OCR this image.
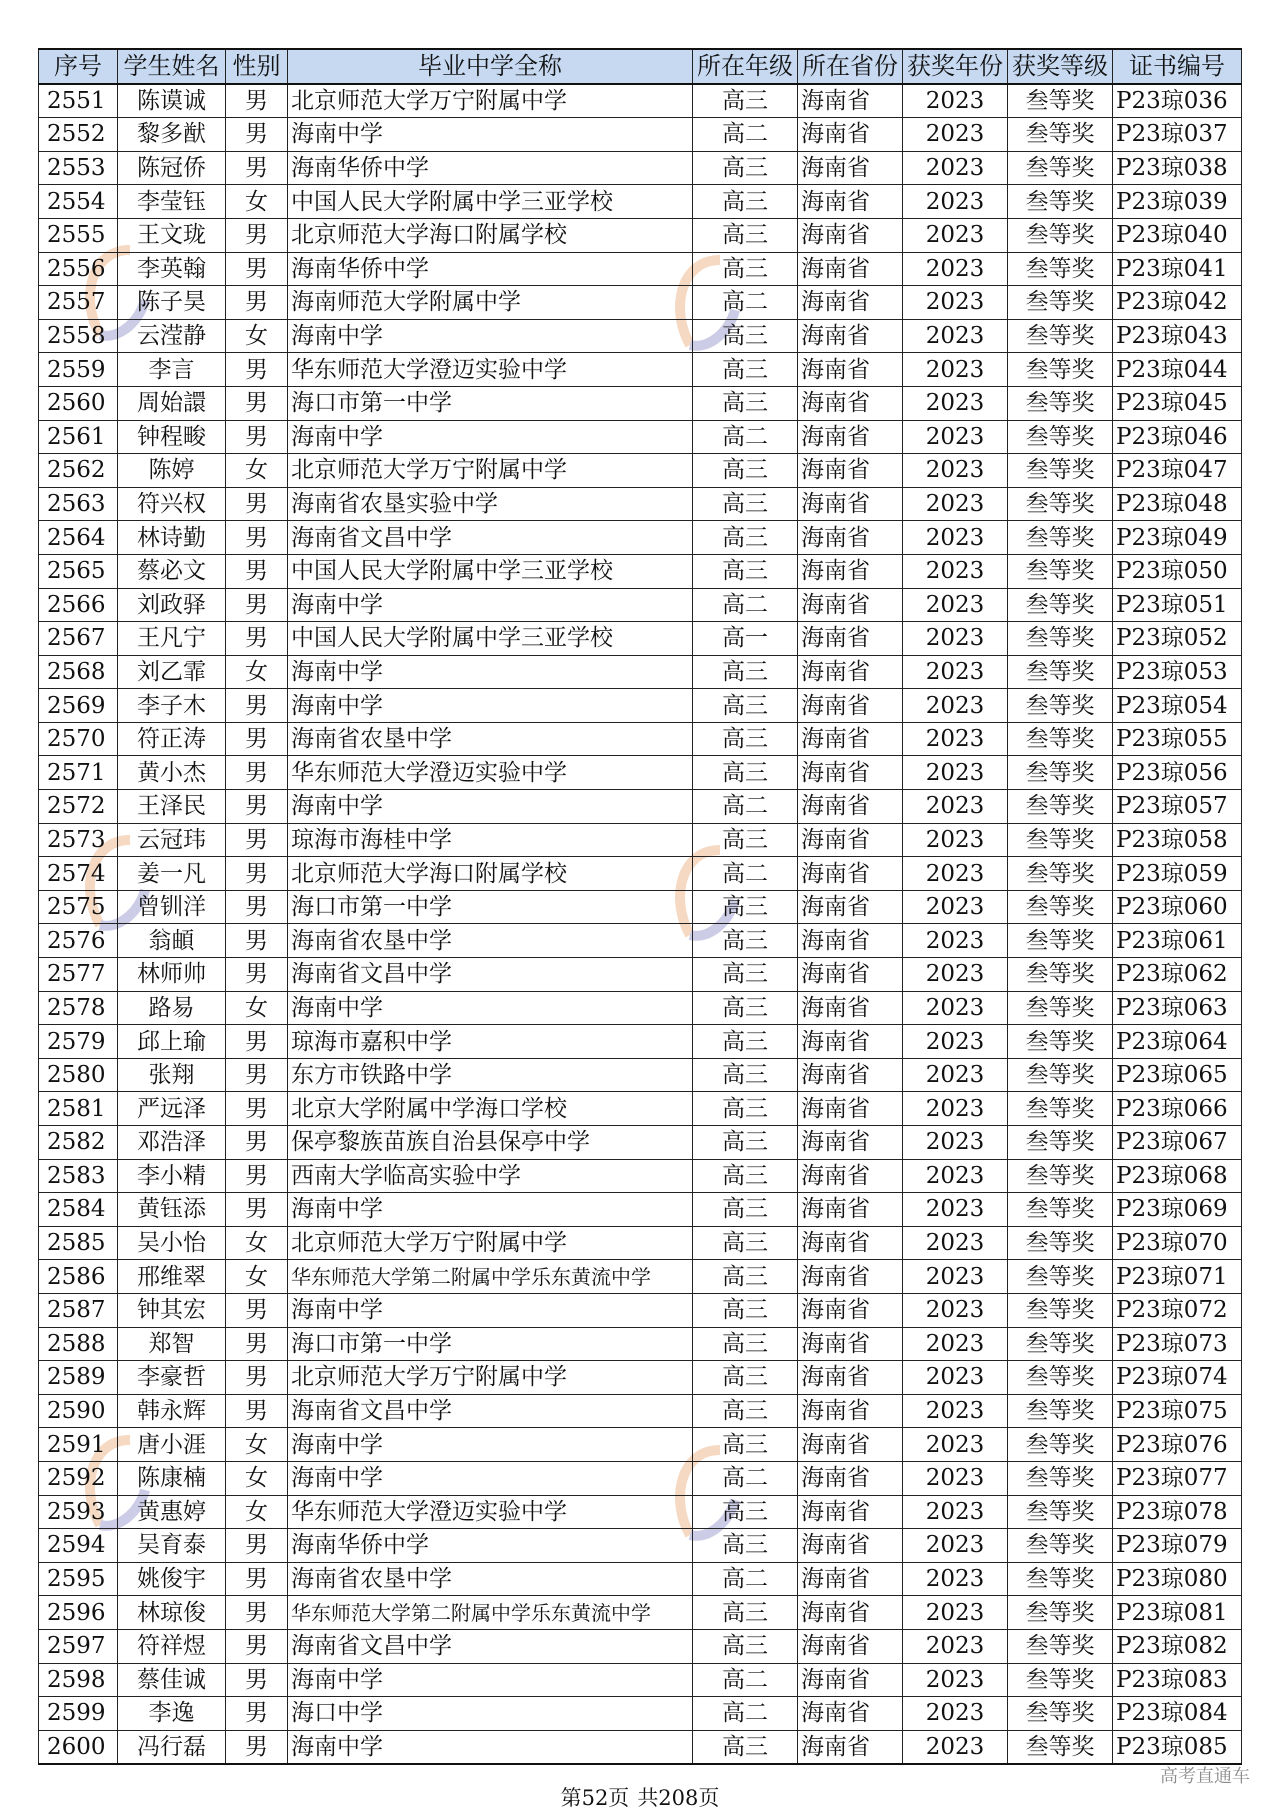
序号	学生姓名	性别	毕业中学全称	所在年级	所在省份	获奖年份	获奖等级	证书编号
2551	陈谟诚	男	北京师范大学万宁附属中学	高三	海南省	2023	叁等奖	P23琼036
2552	黎多猷	男	海南中学	高二	海南省	2023	叁等奖	P23琼037
2553	陈冠侨	男	海南华侨中学	高三	海南省	2023	叁等奖	P23琼038
2554	李莹钰	女	中国人民大学附属中学三亚学校	高三	海南省	2023	叁等奖	P23琼039
2555	王文珑	男	北京师范大学海口附属学校	高三	海南省	2023	叁等奖	P23琼040
2556	李英翰	男	海南华侨中学	高三	海南省	2023	叁等奖	P23琼041
2557	陈子昊	男	海南师范大学附属中学	高二	海南省	2023	叁等奖	P23琼042
2558	云滢静	女	海南中学	高三	海南省	2023	叁等奖	P23琼043
2559	李言	男	华东师范大学澄迈实验中学	高三	海南省	2023	叁等奖	P23琼044
2560	周始譞	男	海口市第一中学	高三	海南省	2023	叁等奖	P23琼045
2561	钟程畯	男	海南中学	高二	海南省	2023	叁等奖	P23琼046
2562	陈婷	女	北京师范大学万宁附属中学	高三	海南省	2023	叁等奖	P23琼047
2563	符兴权	男	海南省农垦实验中学	高三	海南省	2023	叁等奖	P23琼048
2564	林诗勤	男	海南省文昌中学	高三	海南省	2023	叁等奖	P23琼049
2565	蔡必文	男	中国人民大学附属中学三亚学校	高三	海南省	2023	叁等奖	P23琼050
2566	刘政驿	男	海南中学	高二	海南省	2023	叁等奖	P23琼051
2567	王凡宁	男	中国人民大学附属中学三亚学校	高一	海南省	2023	叁等奖	P23琼052
2568	刘乙霏	女	海南中学	高三	海南省	2023	叁等奖	P23琼053
2569	李子木	男	海南中学	高三	海南省	2023	叁等奖	P23琼054
2570	符正涛	男	海南省农垦中学	高三	海南省	2023	叁等奖	P23琼055
2571	黄小杰	男	华东师范大学澄迈实验中学	高三	海南省	2023	叁等奖	P23琼056
2572	王泽民	男	海南中学	高二	海南省	2023	叁等奖	P23琼057
2573	云冠玮	男	琼海市海桂中学	高三	海南省	2023	叁等奖	P23琼058
2574	姜一凡	男	北京师范大学海口附属学校	高二	海南省	2023	叁等奖	P23琼059
2575	曾钏洋	男	海口市第一中学	高三	海南省	2023	叁等奖	P23琼060
2576	翁頔	男	海南省农垦中学	高三	海南省	2023	叁等奖	P23琼061
2577	林师帅	男	海南省文昌中学	高三	海南省	2023	叁等奖	P23琼062
2578	路易	女	海南中学	高三	海南省	2023	叁等奖	P23琼063
2579	邱上瑜	男	琼海市嘉积中学	高三	海南省	2023	叁等奖	P23琼064
2580	张翔	男	东方市铁路中学	高三	海南省	2023	叁等奖	P23琼065
2581	严远泽	男	北京大学附属中学海口学校	高三	海南省	2023	叁等奖	P23琼066
2582	邓浩泽	男	保亭黎族苗族自治县保亭中学	高三	海南省	2023	叁等奖	P23琼067
2583	李小精	男	西南大学临高实验中学	高三	海南省	2023	叁等奖	P23琼068
2584	黄钰添	男	海南中学	高三	海南省	2023	叁等奖	P23琼069
2585	吴小怡	女	北京师范大学万宁附属中学	高三	海南省	2023	叁等奖	P23琼070
2586	邢维翠	女	华东师范大学第二附属中学乐东黄流中学	高三	海南省	2023	叁等奖	P23琼071
2587	钟其宏	男	海南中学	高三	海南省	2023	叁等奖	P23琼072
2588	郑智	男	海口市第一中学	高三	海南省	2023	叁等奖	P23琼073
2589	李豪哲	男	北京师范大学万宁附属中学	高三	海南省	2023	叁等奖	P23琼074
2590	韩永辉	男	海南省文昌中学	高三	海南省	2023	叁等奖	P23琼075
2591	唐小涯	女	海南中学	高三	海南省	2023	叁等奖	P23琼076
2592	陈康楠	女	海南中学	高二	海南省	2023	叁等奖	P23琼077
2593	黄惠婷	女	华东师范大学澄迈实验中学	高三	海南省	2023	叁等奖	P23琼078
2594	吴育泰	男	海南华侨中学	高三	海南省	2023	叁等奖	P23琼079
2595	姚俊宇	男	海南省农垦中学	高二	海南省	2023	叁等奖	P23琼080
2596	林琼俊	男	华东师范大学第二附属中学乐东黄流中学	高三	海南省	2023	叁等奖	P23琼081
2597	符祥煜	男	海南省文昌中学	高三	海南省	2023	叁等奖	P23琼082
2598	蔡佳诚	男	海南中学	高二	海南省	2023	叁等奖	P23琼083
2599	李逸	男	海口中学	高二	海南省	2023	叁等奖	P23琼084
2600	冯行磊	男	海南中学	高三	海南省	2023	叁等奖	P23琼085
第52页 共208页
高考直通车
